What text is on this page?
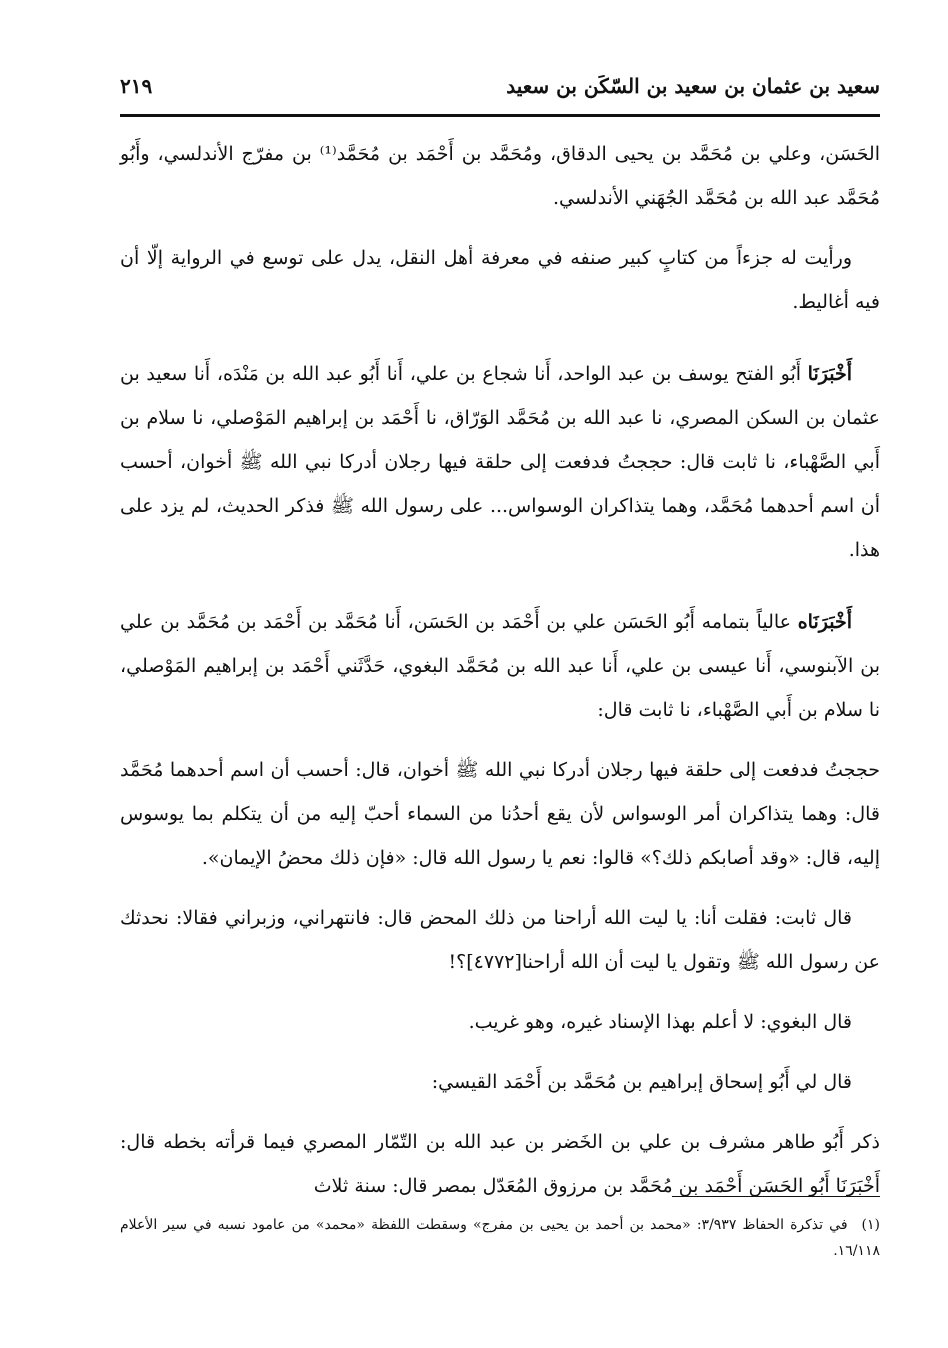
سعيد بن عثمان بن سعيد بن السّكَن بن سعيد
٢١٩

الحَسَن، وعلي بن مُحَمَّد بن يحيى الدقاق، ومُحَمَّد بن أَحْمَد بن مُحَمَّد⁽¹⁾ بن مفرّج الأندلسي، وأَبُو مُحَمَّد عبد الله بن مُحَمَّد الجُهَني الأندلسي.

ورأيت له جزءاً من كتابٍ كبير صنفه في معرفة أهل النقل، يدل على توسع في الرواية إلّا أن فيه أغاليط.

أَخْبَرَنَا أَبُو الفتح يوسف بن عبد الواحد، أَنا شجاع بن علي، أَنا أَبُو عبد الله بن مَنْدَه، أَنا سعيد بن عثمان بن السكن المصري، نا عبد الله بن مُحَمَّد الوَرّاق، نا أَحْمَد بن إبراهيم المَوْصلي، نا سلام بن أَبي الصَّهْباء، نا ثابت قال: حججتُ فدفعت إلى حلقة فيها رجلان أدركا نبي الله ﷺ أخوان، أحسب أن اسم أحدهما مُحَمَّد، وهما يتذاكران الوسواس... على رسول الله ﷺ فذكر الحديث، لم يزد على هذا.

أَخْبَرَنَاه عالياً بتمامه أَبُو الحَسَن علي بن أَحْمَد بن الحَسَن، أَنا مُحَمَّد بن أَحْمَد بن مُحَمَّد بن علي بن الآبنوسي، أَنا عيسى بن علي، أَنا عبد الله بن مُحَمَّد البغوي، حَدَّثَني أَحْمَد بن إبراهيم المَوْصلي، نا سلام بن أَبي الصَّهْباء، نا ثابت قال:

حججتُ فدفعت إلى حلقة فيها رجلان أدركا نبي الله ﷺ أخوان، قال: أحسب أن اسم أحدهما مُحَمَّد قال: وهما يتذاكران أمر الوسواس لأن يقع أحدُنا من السماء أحبّ إليه من أن يتكلم بما يوسوس إليه، قال: «وقد أصابكم ذلك؟» قالوا: نعم يا رسول الله قال: «فإن ذلك محضُ الإيمان».

قال ثابت: فقلت أنا: يا ليت الله أراحنا من ذلك المحض قال: فانتهراني، وزبراني فقالا: نحدثك عن رسول الله ﷺ وتقول يا ليت أن الله أراحنا[٤٧٧٢]؟!

قال البغوي: لا أعلم بهذا الإسناد غيره، وهو غريب.

قال لي أَبُو إسحاق إبراهيم بن مُحَمَّد بن أَحْمَد القيسي:

ذكر أَبُو طاهر مشرف بن علي بن الخَضر بن عبد الله بن التّمّار المصري فيما قرأته بخطه قال: أَخْبَرَنَا أَبُو الحَسَن أَحْمَد بن مُحَمَّد بن مرزوق المُعَدّل بمصر قال: سنة ثلاث

(١)في تذكرة الحفاظ ٣/٩٣٧: «محمد بن أحمد بن يحيى بن مفرج» وسقطت اللفظة «محمد» من عامود نسبه في سير الأعلام ١٦/١١٨.
